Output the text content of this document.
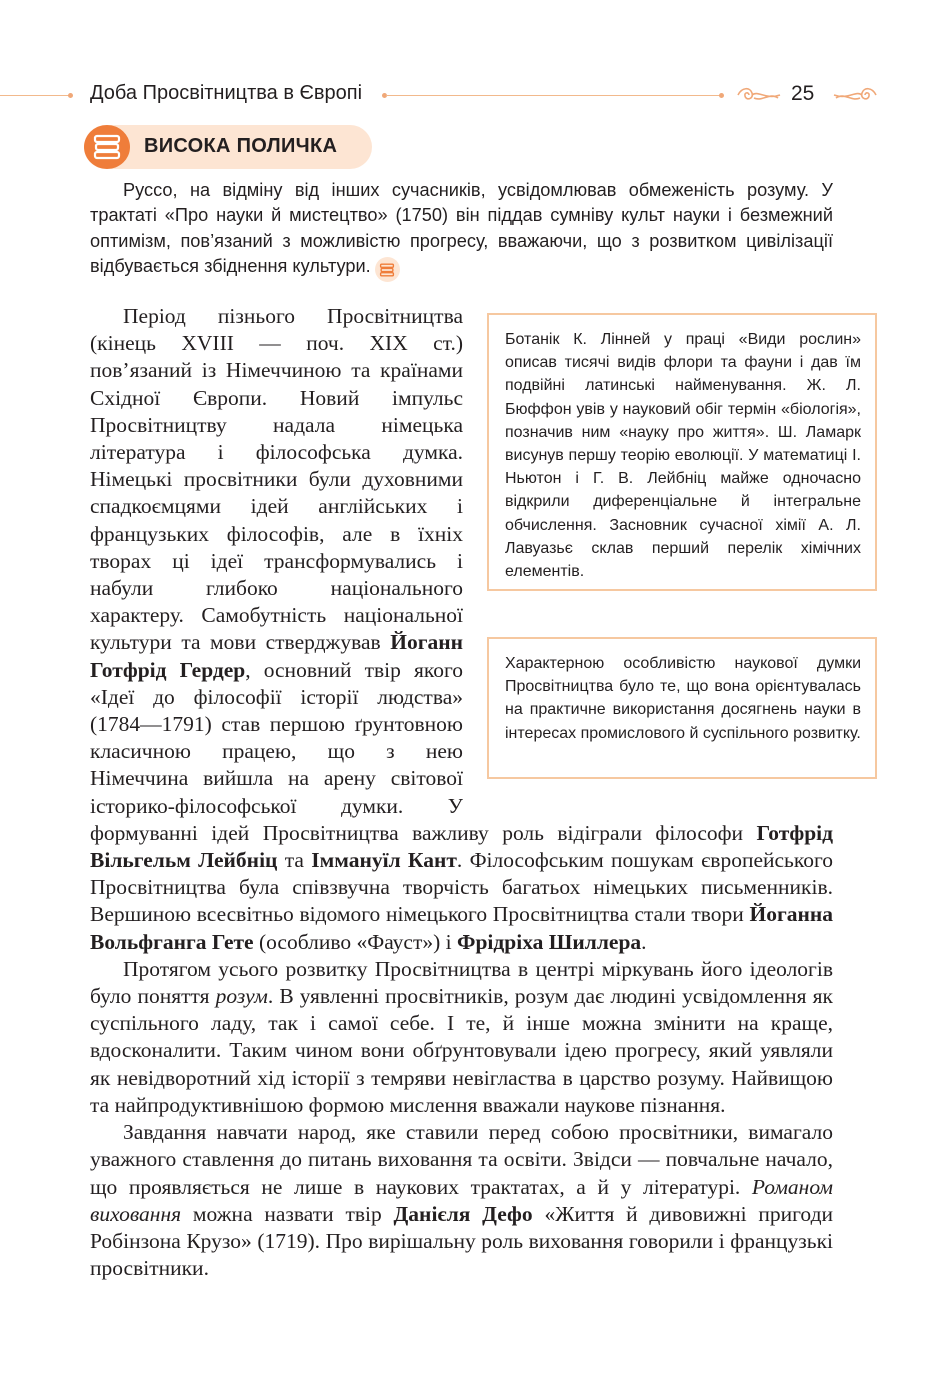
Доба Просвітництва в Європі	25
ВИСОКА ПОЛИЧКА

Руссо, на відміну від інших сучасників, усвідомлював обмеженість розуму. У трактаті «Про науки й мистецтво» (1750) він піддав сумніву культ науки і безмежний оптимізм, пов’язаний з можливістю прогресу, вважаючи, що з розвитком цивілізації відбувається збіднення культури.

Період пізнього Просвітництва (кінець XVIII — поч. XIX ст.) пов’язаний із Німеччиною та країнами Східної Європи. Новий імпульс Просвітництву надала німецька література і філософська думка. Німецькі просвітники були духовними спадкоємцями ідей англійських і французьких філософів, але в їхніх творах ці ідеї трансформувались і набули глибоко національного характеру. Самобутність національної культури та мови стверджував Йоганн Готфрід Гердер, основний твір якого «Ідеї до філософії історії людства» (1784—1791) став першою ґрунтовною класичною працею, що з нею Німеччина вийшла на арену світової історико-філософської думки. У формуванні ідей Просвітництва важливу роль відіграли філософи Готфрід Вільгельм Лейбніц та Іммануїл Кант. Філософським пошукам європейського Просвітництва була співзвучна творчість багатьох німецьких письменників. Вершиною всесвітньо відомого німецького Просвітництва стали твори Йоганна Вольфганга Гете (особливо «Фауст») і Фрідріха Шиллера.

Протягом усього розвитку Просвітництва в центрі міркувань його ідеологів було поняття розум. В уявленні просвітників, розум дає людині усвідомлення як суспільного ладу, так і самої себе. І те, й інше можна змінити на краще, вдосконалити. Таким чином вони обґрунтовували ідею прогресу, який уявляли як невідворотний хід історії з темряви невігластва в царство розуму. Найвищою та найпродуктивнішою формою мислення вважали наукове пізнання.

Завдання навчати народ, яке ставили перед собою просвітники, вимагало уважного ставлення до питань виховання та освіти. Звідси — повчальне начало, що проявляється не лише в наукових трактатах, а й у літературі. Романом виховання можна назвати твір Данієля Дефо «Життя й дивовижні пригоди Робінзона Крузо» (1719). Про вирішальну роль виховання говорили і французькі просвітники.

Ботанік К. Лінней у праці «Види рослин» описав тисячі видів флори та фауни і дав їм подвійні латинські найменування. Ж. Л. Бюффон увів у науковий обіг термін «біологія», позначив ним «науку про життя». Ш. Ламарк висунув першу теорію еволюції. У математиці І. Ньютон і Г. В. Лейбніц майже одночасно відкрили диференціальне й інтегральне обчислення. Засновник сучасної хімії А. Л. Лавуазьє склав перший перелік хімічних елементів.

Характерною особливістю наукової думки Просвітництва було те, що вона орієнтувалась на практичне використання досягнень науки в інтересах промислового й суспільного розвитку.
